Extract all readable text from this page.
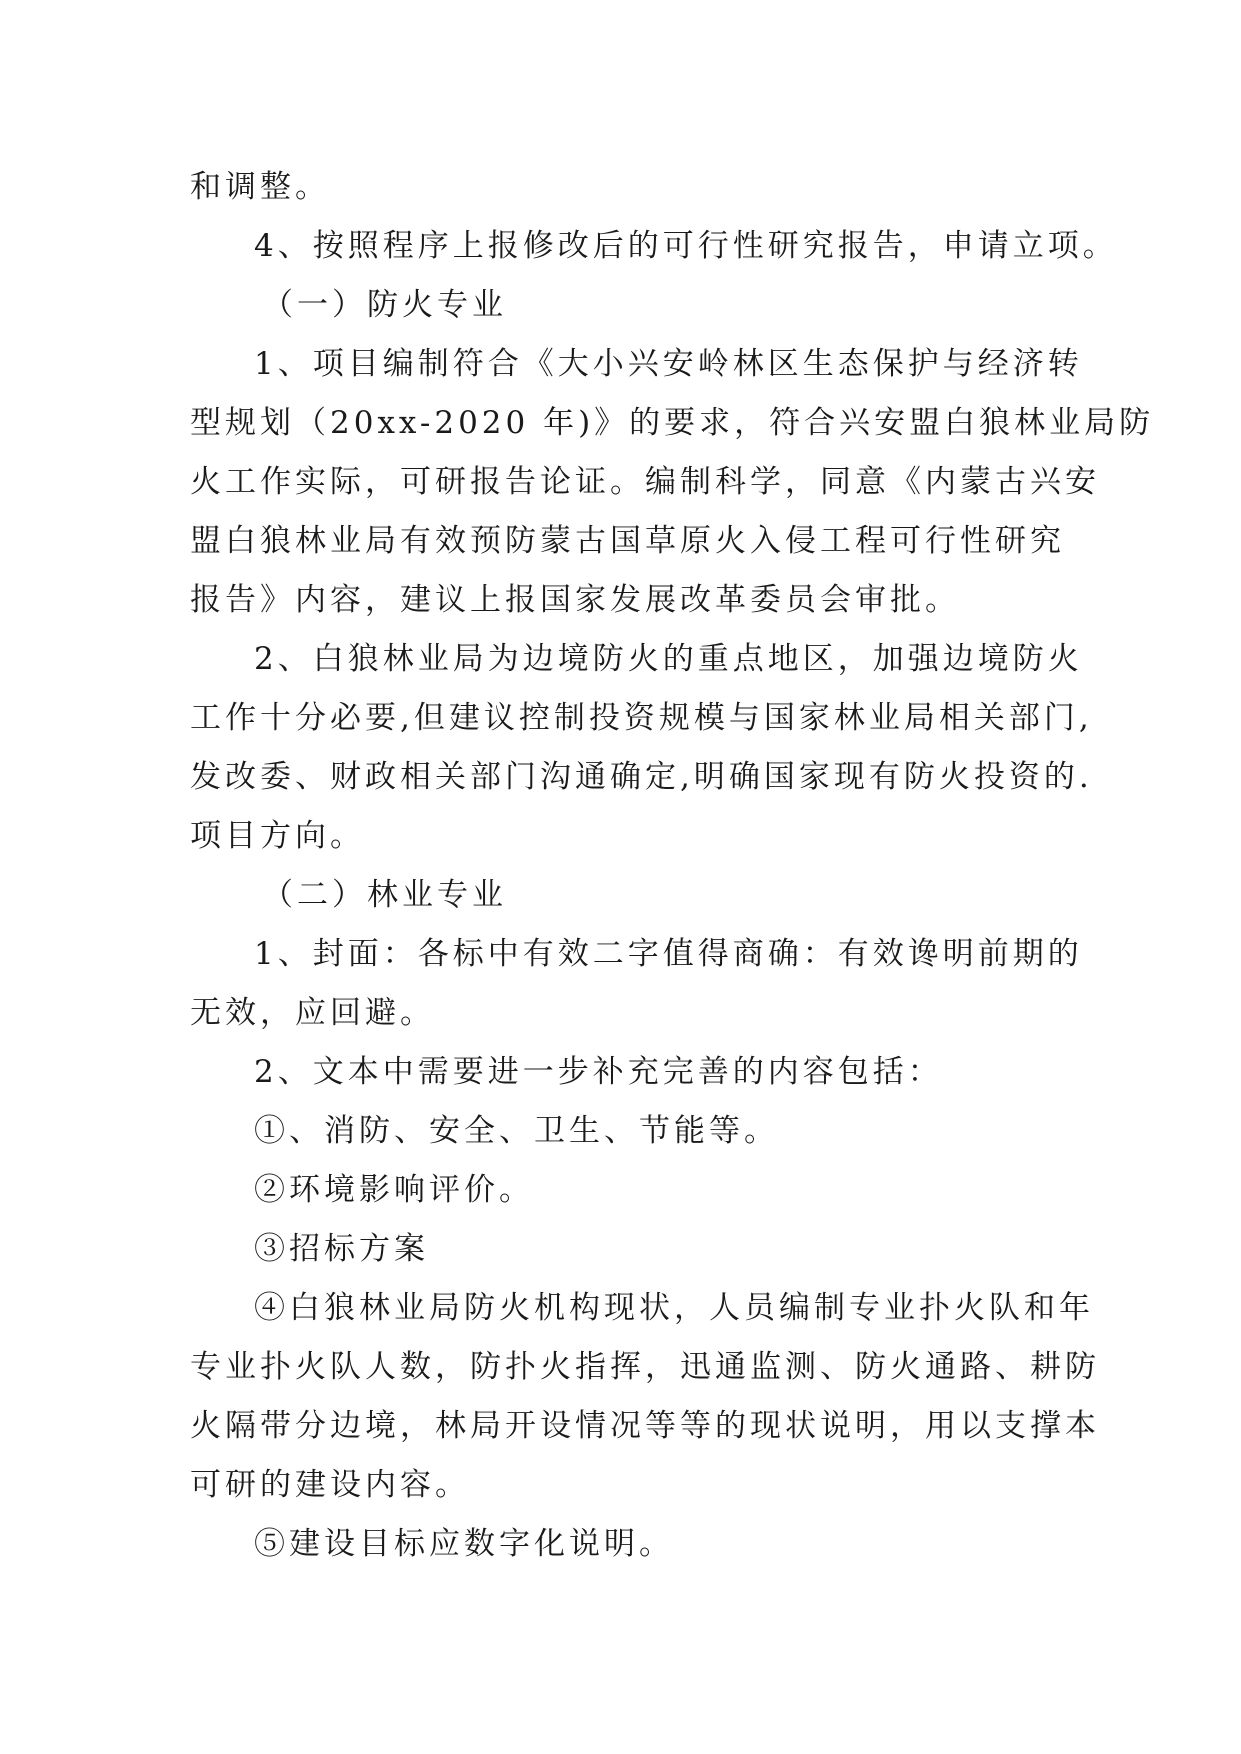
和调整。
4、按照程序上报修改后的可行性研究报告，申请立项。
（一）防火专业
1、项目编制符合《大小兴安岭林区生态保护与经济转
型规划（20xx-2020 年)》的要求，符合兴安盟白狼林业局防
火工作实际，可研报告论证。编制科学，同意《内蒙古兴安
盟白狼林业局有效预防蒙古国草原火入侵工程可行性研究
报告》内容，建议上报国家发展改革委员会审批。
2、白狼林业局为边境防火的重点地区，加强边境防火
工作十分必要,但建议控制投资规模与国家林业局相关部门,
发改委、财政相关部门沟通确定,明确国家现有防火投资的.
项目方向。
（二）林业专业
1、封面：各标中有效二字值得商确：有效谗明前期的
无效，应回避。
2、文本中需要进一步补充完善的内容包括：
①、消防、安全、卫生、节能等。
②环境影响评价。
③招标方案
④白狼林业局防火机构现状，人员编制专业扑火队和年
专业扑火队人数，防扑火指挥，迅通监测、防火通路、耕防
火隔带分边境，林局开设情况等等的现状说明，用以支撑本
可研的建设内容。
⑤建设目标应数字化说明。
